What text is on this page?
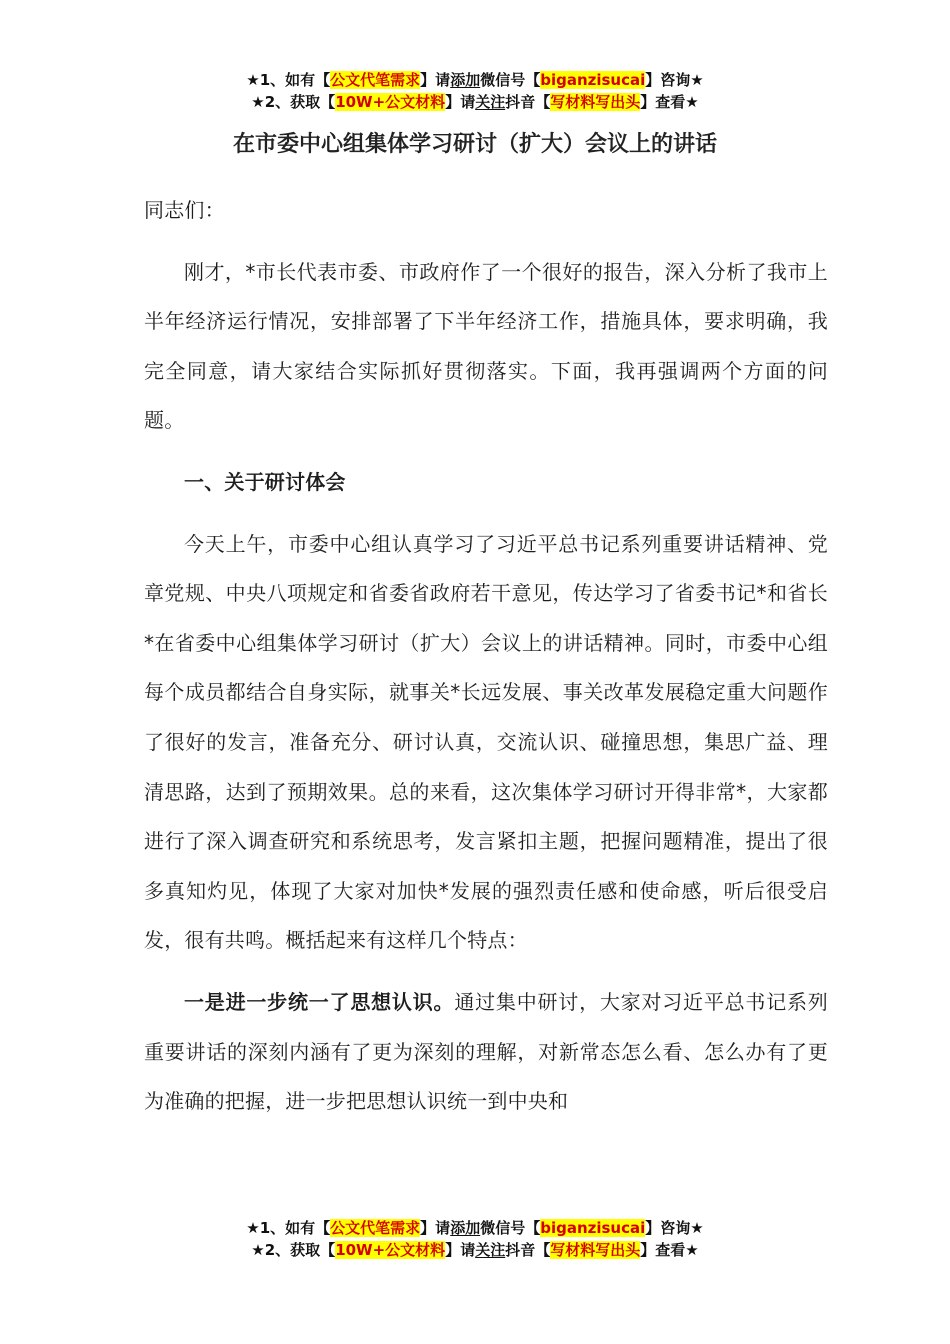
★1、如有【公文代笔需求】请添加微信号【biganzisucai】咨询★
★2、获取【10W+公文材料】请关注抖音【写材料写出头】查看★
在市委中心组集体学习研讨（扩大）会议上的讲话

同志们：

刚才，*市长代表市委、市政府作了一个很好的报告，深入分析了我市上半年经济运行情况，安排部署了下半年经济工作，措施具体，要求明确，我完全同意，请大家结合实际抓好贯彻落实。下面，我再强调两个方面的问题。

一、关于研讨体会

今天上午，市委中心组认真学习了习近平总书记系列重要讲话精神、党章党规、中央八项规定和省委省政府若干意见，传达学习了省委书记*和省长*在省委中心组集体学习研讨（扩大）会议上的讲话精神。同时，市委中心组每个成员都结合自身实际，就事关*长远发展、事关改革发展稳定重大问题作了很好的发言，准备充分、研讨认真，交流认识、碰撞思想，集思广益、理清思路，达到了预期效果。总的来看，这次集体学习研讨开得非常*，大家都进行了深入调查研究和系统思考，发言紧扣主题，把握问题精准，提出了很多真知灼见，体现了大家对加快*发展的强烈责任感和使命感，听后很受启发，很有共鸣。概括起来有这样几个特点：

一是进一步统一了思想认识。通过集中研讨，大家对习近平总书记系列重要讲话的深刻内涵有了更为深刻的理解，对新常态怎么看、怎么办有了更为准确的把握，进一步把思想认识统一到中央和

★1、如有【公文代笔需求】请添加微信号【biganzisucai】咨询★
★2、获取【10W+公文材料】请关注抖音【写材料写出头】查看★
